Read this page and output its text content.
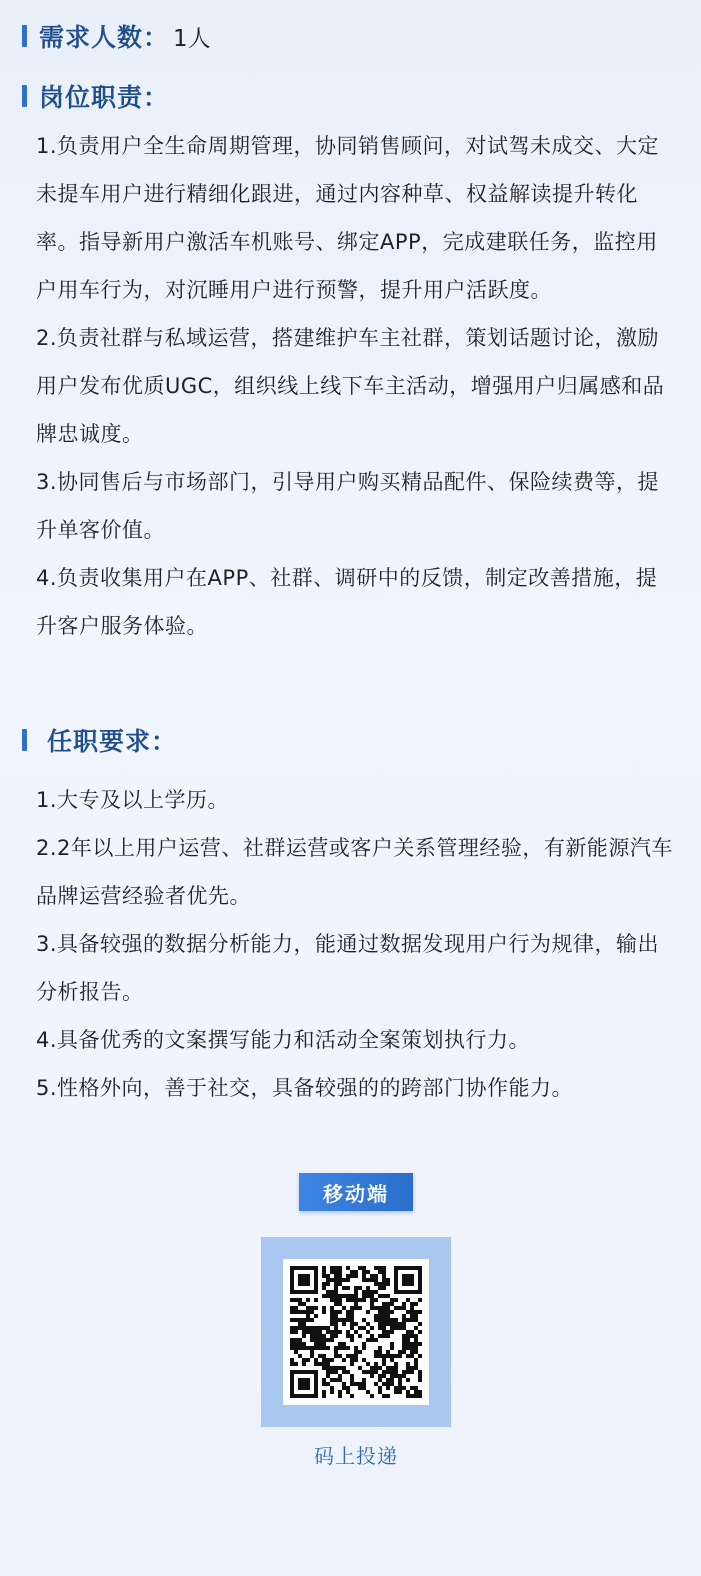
需求人数： 1人
岗位职责：

1.负责用户全生命周期管理，协同销售顾问，对试驾未成交、大定未提车用户进行精细化跟进，通过内容种草、权益解读提升转化率。指导新用户激活车机账号、绑定APP，完成建联任务，监控用户用车行为，对沉睡用户进行预警，提升用户活跃度。

2.负责社群与私域运营，搭建维护车主社群，策划话题讨论，激励用户发布优质UGC，组织线上线下车主活动，增强用户归属感和品牌忠诚度。

3.协同售后与市场部门，引导用户购买精品配件、保险续费等，提升单客价值。

4.负责收集用户在APP、社群、调研中的反馈，制定改善措施，提升客户服务体验。

任职要求：

1.大专及以上学历。

2.2年以上用户运营、社群运营或客户关系管理经验，有新能源汽车品牌运营经验者优先。

3.具备较强的数据分析能力，能通过数据发现用户行为规律，输出分析报告。

4.具备优秀的文案撰写能力和活动全案策划执行力。

5.性格外向，善于社交，具备较强的的跨部门协作能力。

移动端
码上投递
